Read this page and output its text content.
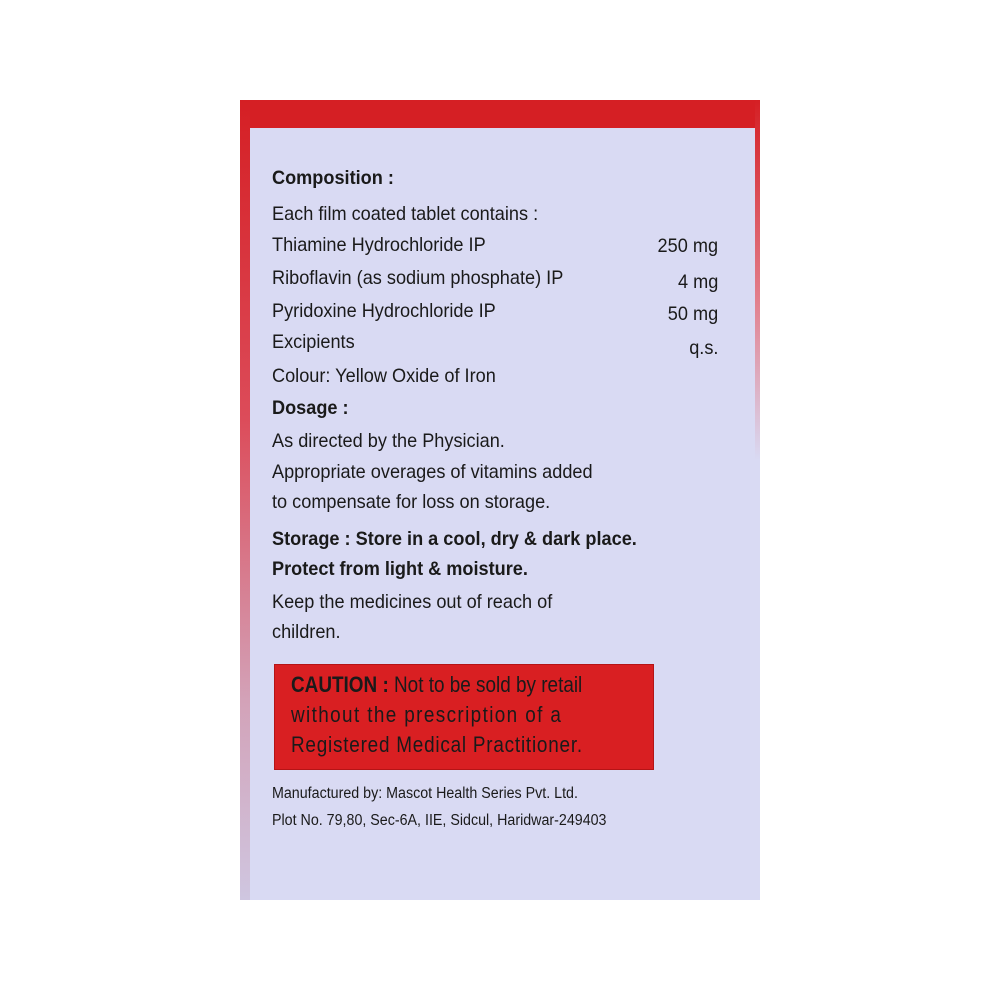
Composition :
Each film coated tablet contains :
Thiamine Hydrochloride IP	250 mg
Riboflavin (as sodium phosphate) IP	4 mg
Pyridoxine Hydrochloride IP	50 mg
Excipients	q.s.
Colour: Yellow Oxide of Iron
Dosage :
As directed by the Physician.
Appropriate overages of vitamins added
to compensate for loss on storage.
Storage : Store in a cool, dry & dark place.
Protect from light & moisture.
Keep the medicines out of reach of
children.
CAUTION : Not to be sold by retail
without the prescription of a
Registered Medical Practitioner.
Manufactured by: Mascot Health Series Pvt. Ltd.
Plot No. 79,80, Sec-6A, IIE, Sidcul, Haridwar-249403
